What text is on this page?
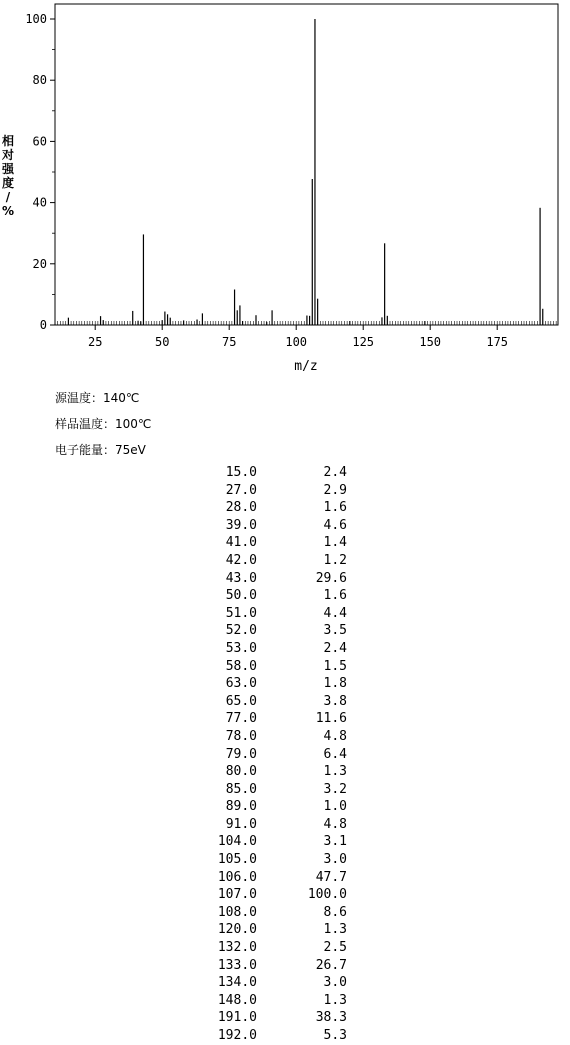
25	50	75	100	125	150	175
0
20
40
60
80
100
m/z
相
对
强
度
/
%
源温度：140℃
样品温度：100℃
电子能量：75eV
15.0	2.4
27.0	2.9
28.0	1.6
39.0	4.6
41.0	1.4
42.0	1.2
43.0	29.6
50.0	1.6
51.0	4.4
52.0	3.5
53.0	2.4
58.0	1.5
63.0	1.8
65.0	3.8
77.0	11.6
78.0	4.8
79.0	6.4
80.0	1.3
85.0	3.2
89.0	1.0
91.0	4.8
104.0	3.1
105.0	3.0
106.0	47.7
107.0	100.0
108.0	8.6
120.0	1.3
132.0	2.5
133.0	26.7
134.0	3.0
148.0	1.3
191.0	38.3
192.0	5.3
